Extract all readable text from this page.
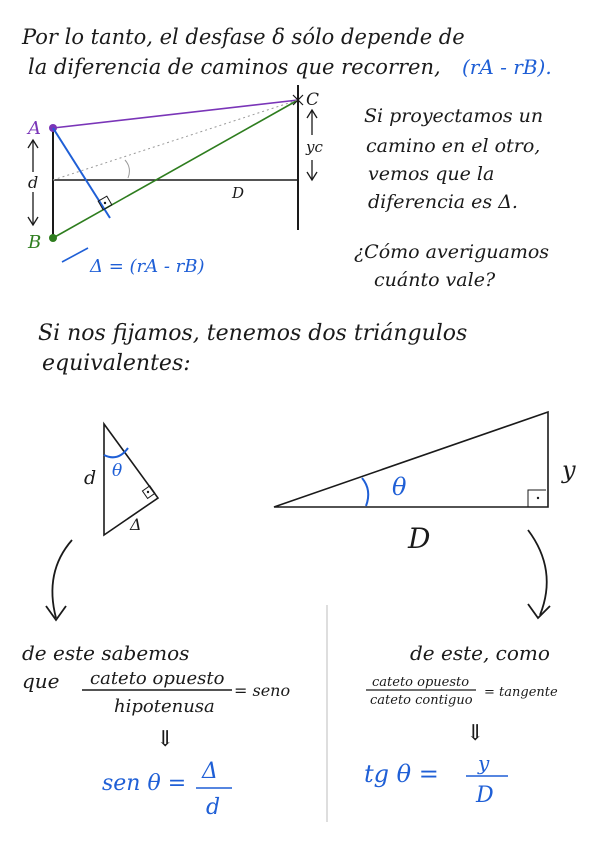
Por lo tanto, el desfase δ sólo depende de
la diferencia de caminos que recorren, (rA - rB).
A
B
C
d
D
yc
Δ = (rA - rB)
Si proyectamos un
camino en el otro,
vemos que la
diferencia es Δ.
¿Cómo averiguamos
cuánto vale?
Si nos fijamos, tenemos dos triángulos
equivalentes:
d θ
Δ
θ
D
y
de este sabemos
que cateto opuesto
hipotenusa
= seno
⇓
sen θ = Δ
d
de este, como
cateto opuesto
cateto contiguo
= tangente
⇓
tg θ = y
D
